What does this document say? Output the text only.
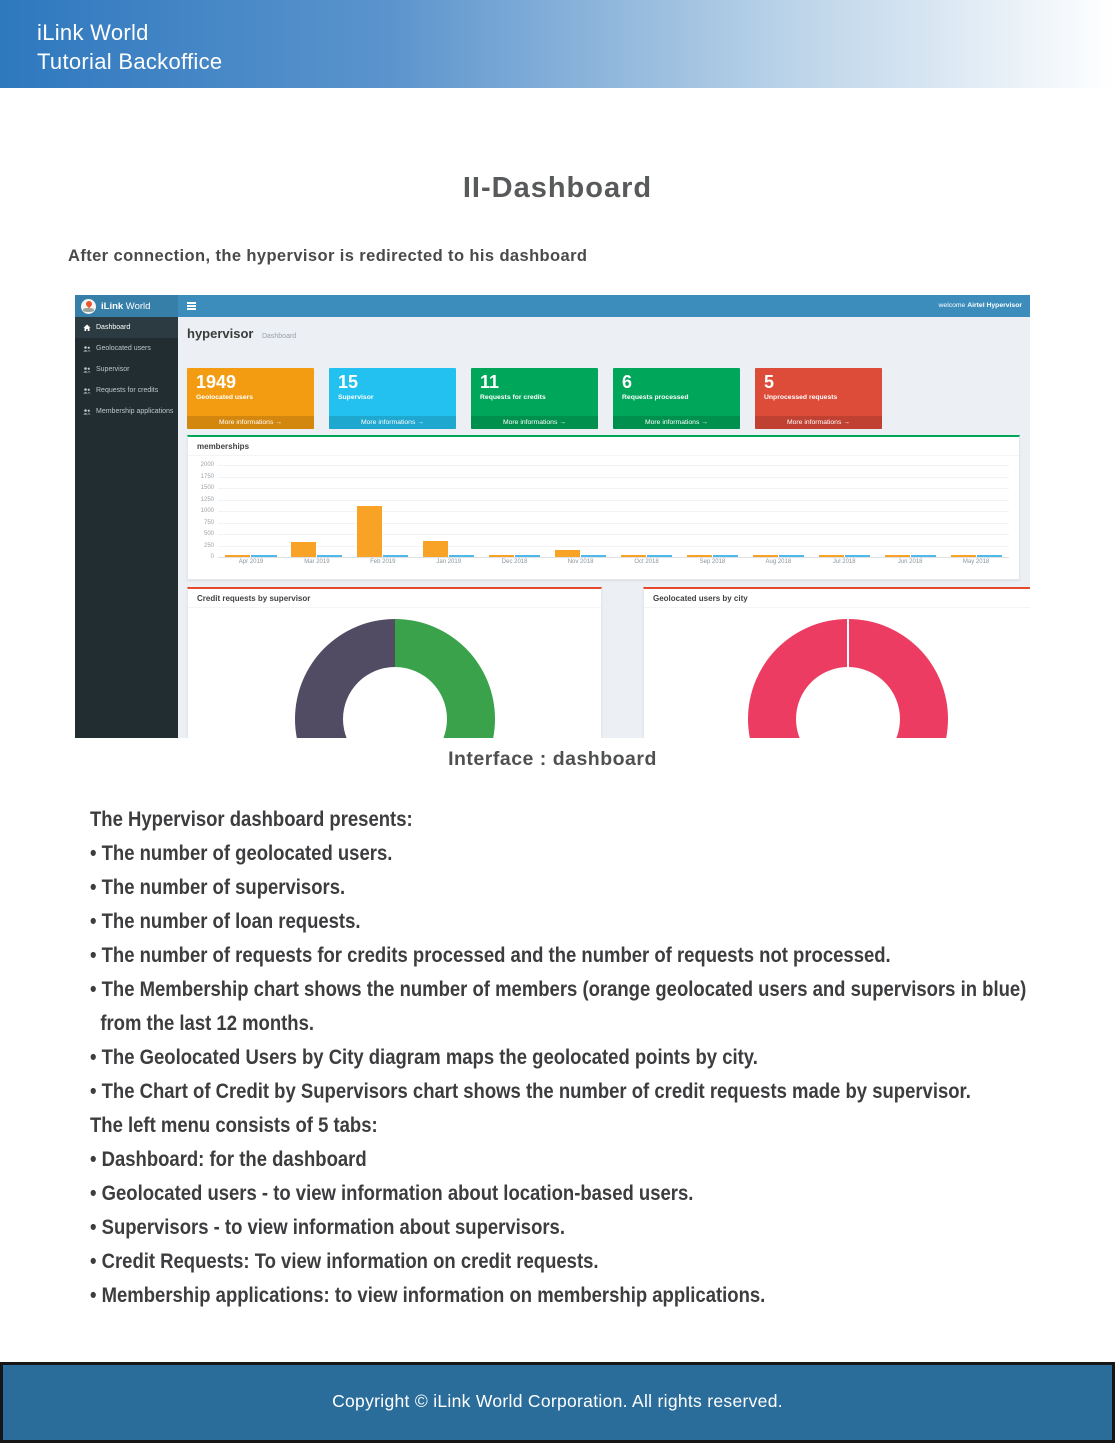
iLink World
Tutorial Backoffice
II-Dashboard
After connection, the hypervisor is redirected to his dashboard
iLink World	welcome Airtel Hypervisor
Dashboard
Geolocated users
Supervisor
Requests for credits
Membership applications
hypervisor Dashboard
1949
Geolocated users
More informations →
15
Supervisor
More informations →
11
Requests for credits
More informations →
6
Requests processed
More informations →
5
Unprocessed requests
More informations →
memberships
2000
1750
1500
1250
1000
750
500
250
0
Apr 2019	Mar 2019	Feb 2019	Jan 2019	Dec 2018	Nov 2018	Oct 2018	Sep 2018	Aug 2018	Jul 2018	Jun 2018	May 2018
Credit requests by supervisor	Geolocated users by city
Interface : dashboard
The Hypervisor dashboard presents:
• The number of geolocated users.
• The number of supervisors.
• The number of loan requests.
• The number of requests for credits processed and the number of requests not processed.
• The Membership chart shows the number of members (orange geolocated users and supervisors in blue)
from the last 12 months.
• The Geolocated Users by City diagram maps the geolocated points by city.
• The Chart of Credit by Supervisors chart shows the number of credit requests made by supervisor.
The left menu consists of 5 tabs:
• Dashboard: for the dashboard
• Geolocated users - to view information about location-based users.
• Supervisors - to view information about supervisors.
• Credit Requests: To view information on credit requests.
• Membership applications: to view information on membership applications.
Copyright © iLink World Corporation. All rights reserved.
